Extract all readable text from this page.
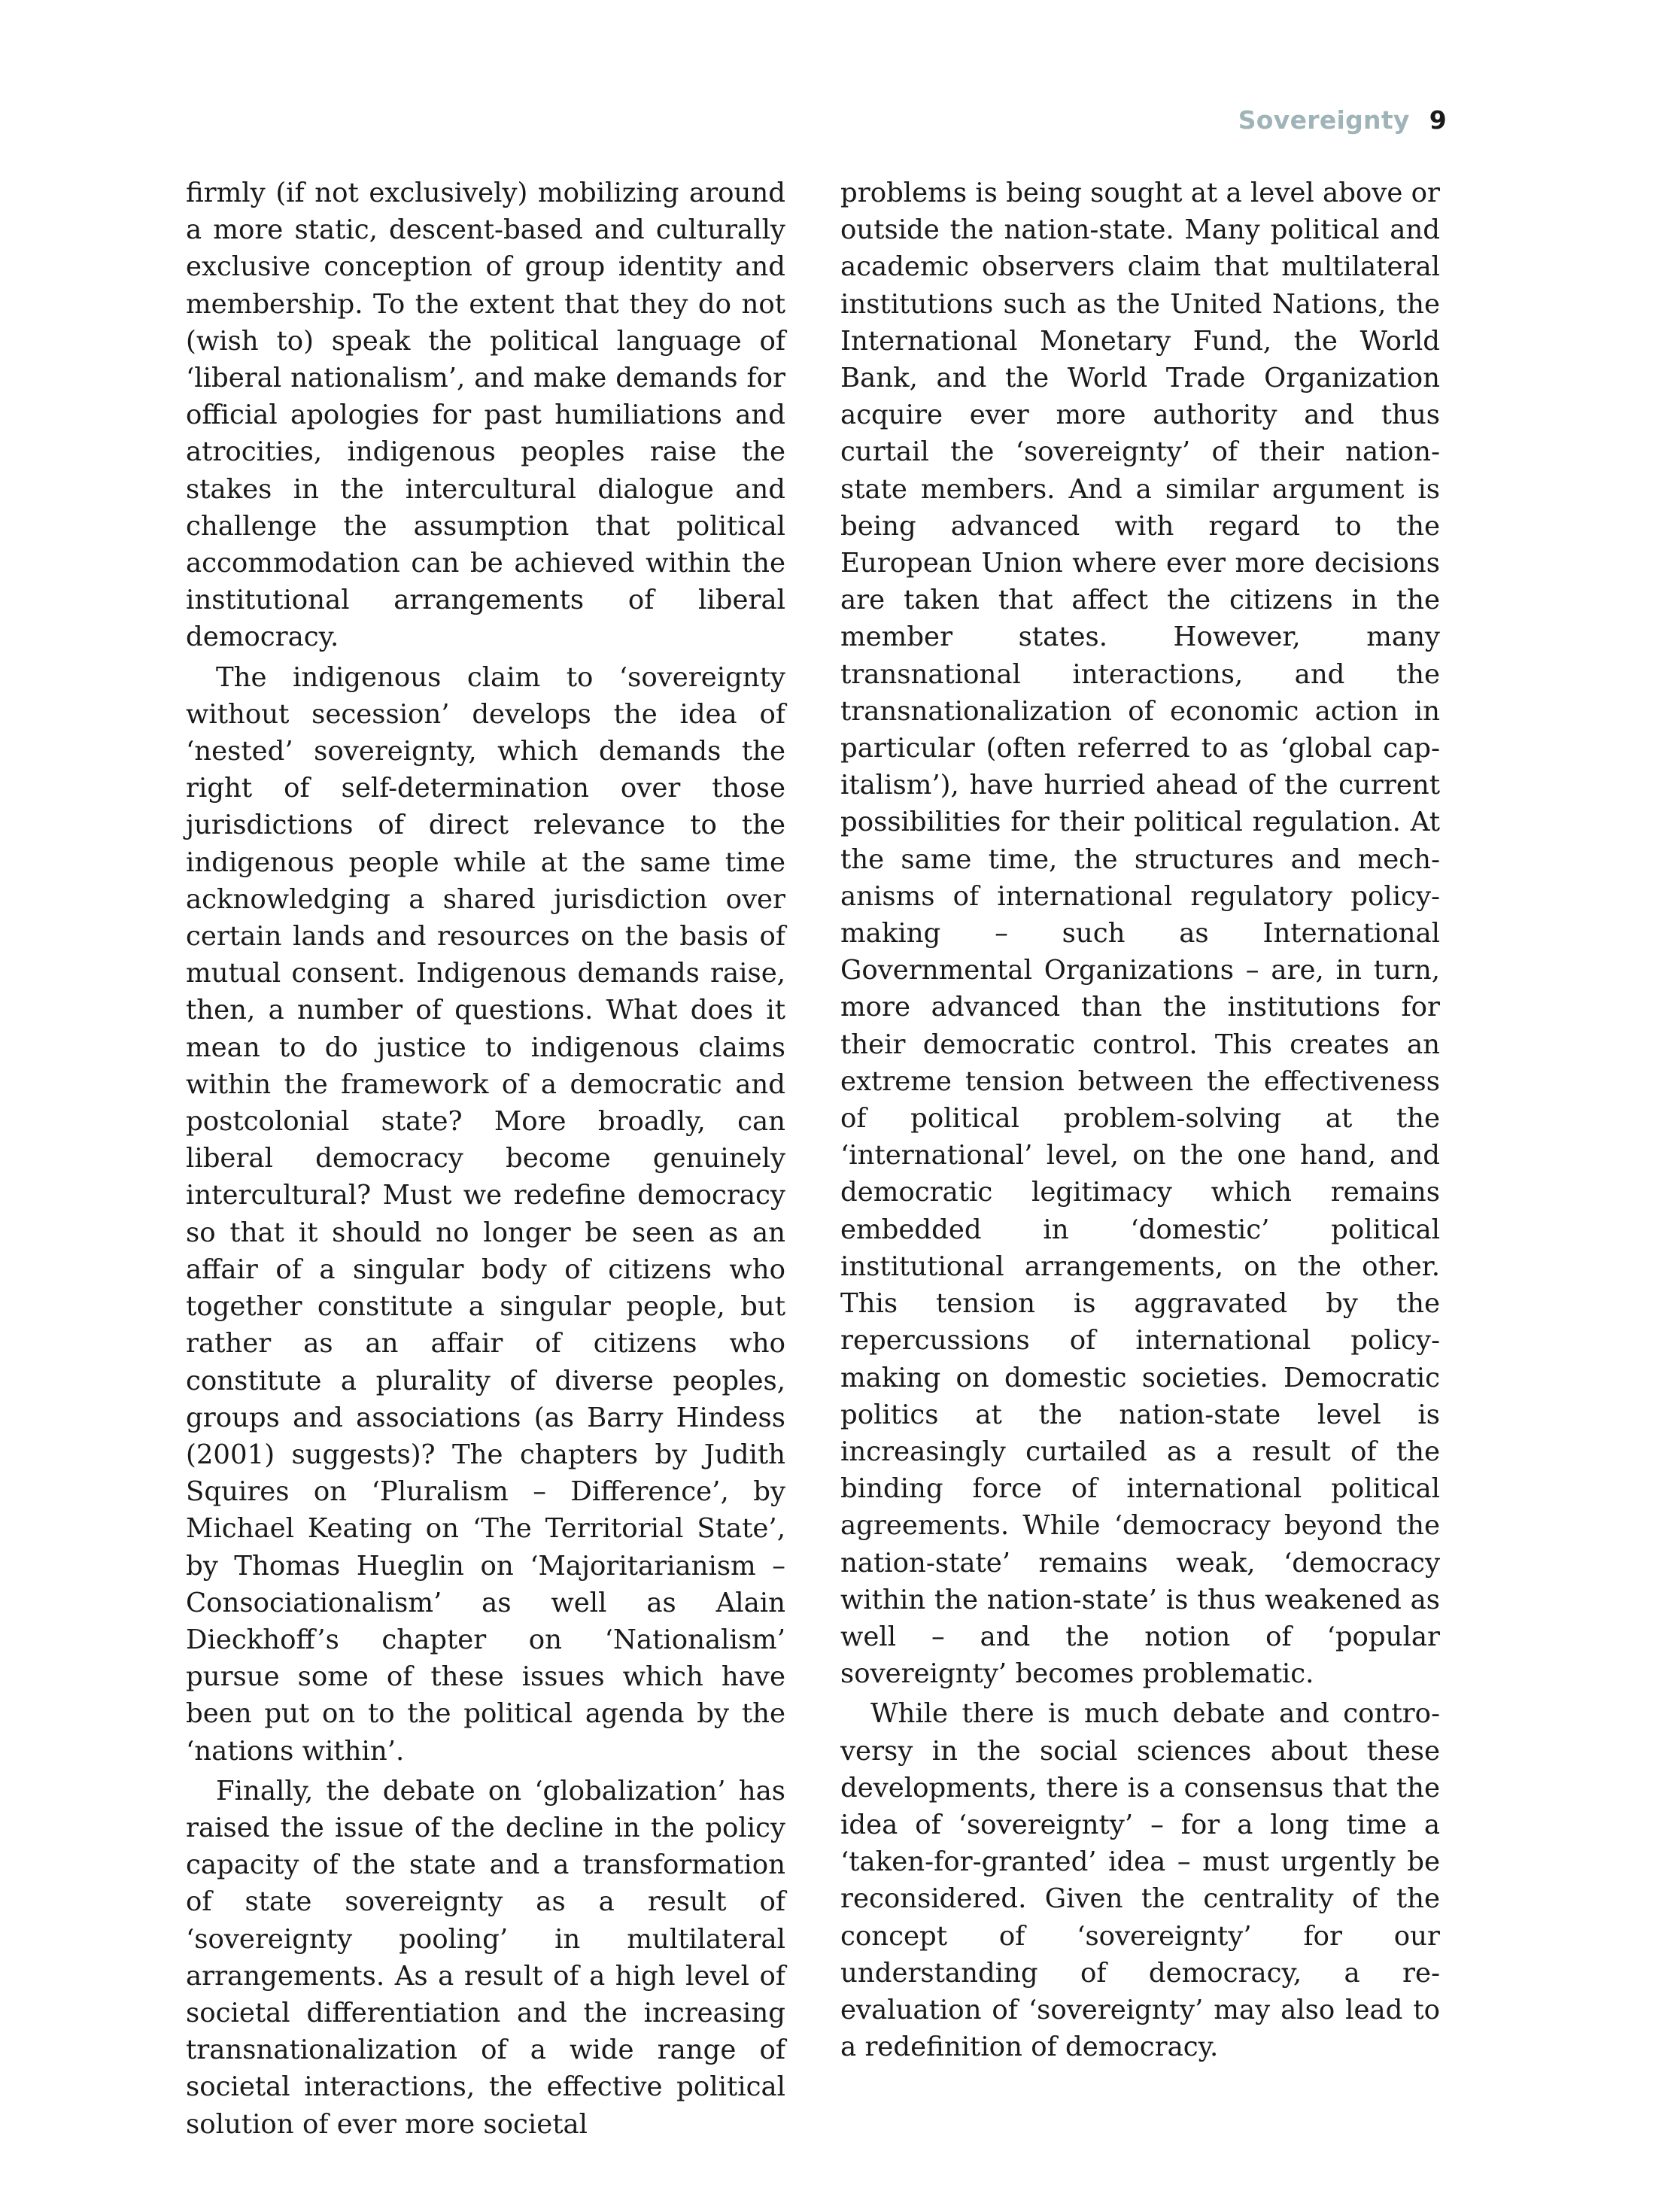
Sovereignty 9

firmly (if not exclusively) mobilizing around a more static, descent-based and culturally exclusive conception of group identity and membership. To the extent that they do not (wish to) speak the political language of ‘liberal nationalism’, and make demands for official apologies for past humiliations and atrocities, indigenous peoples raise the stakes in the intercultural dialogue and challenge the assumption that political accommodation can be achieved within the institutional arrangements of liberal democracy.

The indigenous claim to ‘sovereignty without secession’ develops the idea of ‘nested’ sovereignty, which demands the right of self-determination over those jurisdictions of direct relevance to the indigenous people while at the same time acknowledging a shared jurisdiction over certain lands and resources on the basis of mutual consent. Indigenous demands raise, then, a number of questions. What does it mean to do justice to indigenous claims within the framework of a democratic and postcolonial state? More broadly, can liberal democracy become genuinely intercultural? Must we redefine democracy so that it should no longer be seen as an affair of a singular body of citizens who together constitute a singular people, but rather as an affair of citizens who constitute a plurality of diverse peoples, groups and associations (as Barry Hindess (2001) suggests)? The chapters by Judith Squires on ‘Pluralism – Difference’, by Michael Keating on ‘The Territorial State’, by Thomas Hueglin on ‘Majoritarianism – Consociationalism’ as well as Alain Dieckhoff’s chapter on ‘Nationalism’ pursue some of these issues which have been put on to the political agenda by the ‘nations within’.

Finally, the debate on ‘globalization’ has raised the issue of the decline in the policy capacity of the state and a transformation of state sovereignty as a result of ‘sovereignty pooling’ in multilateral arrangements. As a result of a high level of societal differentiation and the increasing transnationalization of a wide range of societal interactions, the effective political solution of ever more societal

problems is being sought at a level above or outside the nation-state. Many political and academic observers claim that multilateral institutions such as the United Nations, the International Monetary Fund, the World Bank, and the World Trade Organization acquire ever more authority and thus curtail the ‘sovereignty’ of their nation-state members. And a similar argument is being advanced with regard to the European Union where ever more decisions are taken that affect the citizens in the member states. However, many transnational interactions, and the transnationalization of economic action in particular (often referred to as ‘global capitalism’), have hurried ahead of the current possibilities for their political regulation. At the same time, the structures and mechanisms of international regulatory policy-making – such as International Governmental Organizations – are, in turn, more advanced than the institutions for their democratic control. This creates an extreme tension between the effectiveness of political problem-solving at the ‘international’ level, on the one hand, and democratic legitimacy which remains embedded in ‘domestic’ political institutional arrangements, on the other. This tension is aggravated by the repercussions of international policy-making on domestic societies. Democratic politics at the nation-state level is increasingly curtailed as a result of the binding force of international political agreements. While ‘democracy beyond the nation-state’ remains weak, ‘democracy within the nation-state’ is thus weakened as well – and the notion of ‘popular sovereignty’ becomes problematic.

While there is much debate and controversy in the social sciences about these developments, there is a consensus that the idea of ‘sovereignty’ – for a long time a ‘taken-for-granted’ idea – must urgently be reconsidered. Given the centrality of the concept of ‘sovereignty’ for our understanding of democracy, a re-evaluation of ‘sovereignty’ may also lead to a redefinition of democracy.
